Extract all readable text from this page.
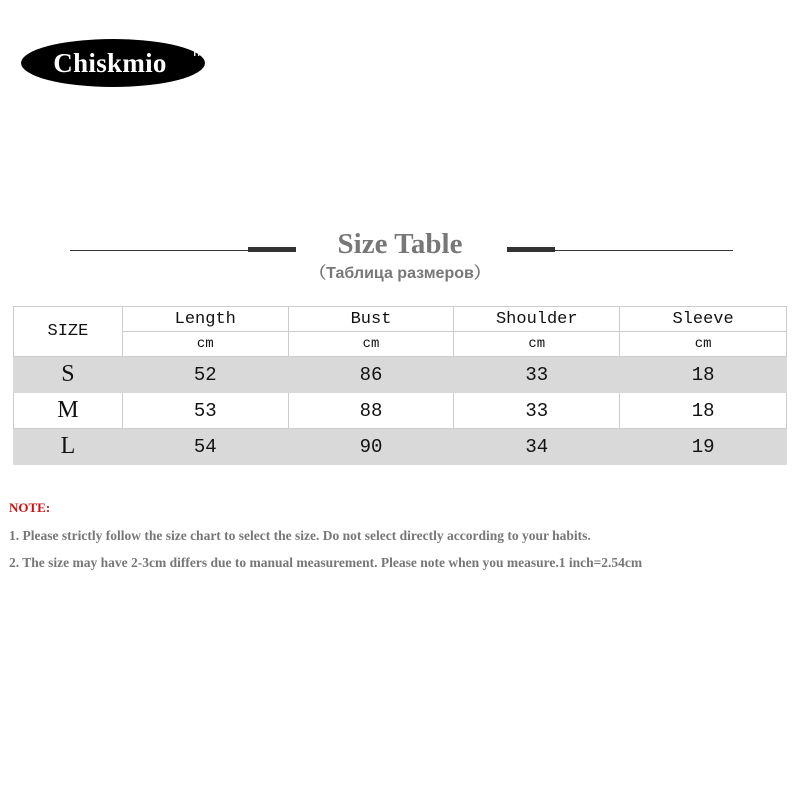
Chiskmio	TM
Size Table
（Таблица размеров）
SIZE	Length	Bust	Shoulder	Sleeve
	cm	cm	cm	cm
S	52	86	33	18
M	53	88	33	18
L	54	90	34	19
NOTE:
1. Please strictly follow the size chart to select the size. Do not select directly according to your habits.
2. The size may have 2-3cm differs due to manual measurement. Please note when you measure.1 inch=2.54cm
